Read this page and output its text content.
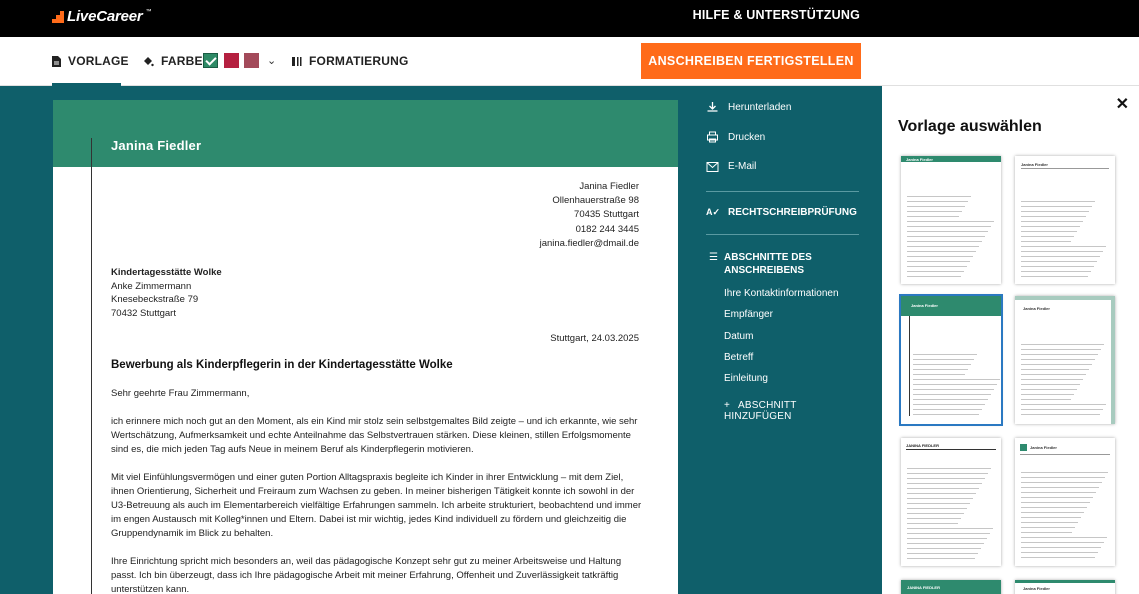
LiveCareer ™	HILFE & UNTERSTÜTZUNG
VORLAGE	FARBE	⌄	FORMATIERUNG	ANSCHREIBEN FERTIGSTELLEN
Janina Fiedler
Janina Fiedler
Ollenhauerstraße 98
70435 Stuttgart
0182 244 3445
janina.fiedler@dmail.de
Kindertagesstätte Wolke
Anke Zimmermann
Knesebeckstraße 79
70432 Stuttgart
Stuttgart, 24.03.2025
Bewerbung als Kinderpflegerin in der Kindertagesstätte Wolke

Sehr geehrte Frau Zimmermann,

ich erinnere mich noch gut an den Moment, als ein Kind mir stolz sein selbstgemaltes Bild zeigte – und ich erkannte, wie sehr Wertschätzung, Aufmerksamkeit und echte Anteilnahme das Selbstvertrauen stärken. Diese kleinen, stillen Erfolgsmomente sind es, die mich jeden Tag aufs Neue in meinem Beruf als Kinderpflegerin motivieren.

Mit viel Einfühlungsvermögen und einer guten Portion Alltagspraxis begleite ich Kinder in ihrer Entwicklung – mit dem Ziel, ihnen Orientierung, Sicherheit und Freiraum zum Wachsen zu geben. In meiner bisherigen Tätigkeit konnte ich sowohl in der U3-Betreuung als auch im Elementarbereich vielfältige Erfahrungen sammeln. Ich arbeite strukturiert, beobachtend und immer im engen Austausch mit Kolleg*innen und Eltern. Dabei ist mir wichtig, jedes Kind individuell zu fördern und gleichzeitig die Gruppendynamik im Blick zu behalten.

Ihre Einrichtung spricht mich besonders an, weil das pädagogische Konzept sehr gut zu meiner Arbeitsweise und Haltung passt. Ich bin überzeugt, dass ich Ihre pädagogische Arbeit mit meiner Erfahrung, Offenheit und Zuverlässigkeit tatkräftig unterstützen kann.

Herunterladen
Drucken
E-Mail
A✓ RECHTSCHREIBPRÜFUNG
☰ ABSCHNITTE DES ANSCHREIBENS
Ihre Kontaktinformationen
Empfänger
Datum
Betreff
Einleitung
+ ABSCHNITT HINZUFÜGEN
✕
Vorlage auswählen
Janina Fiedler
Janina Fiedler
Janina Fiedler
Janina Fiedler
JANINA FIEDLER	Janina Fiedler
JANINA FIEDLER	Janina Fiedler
